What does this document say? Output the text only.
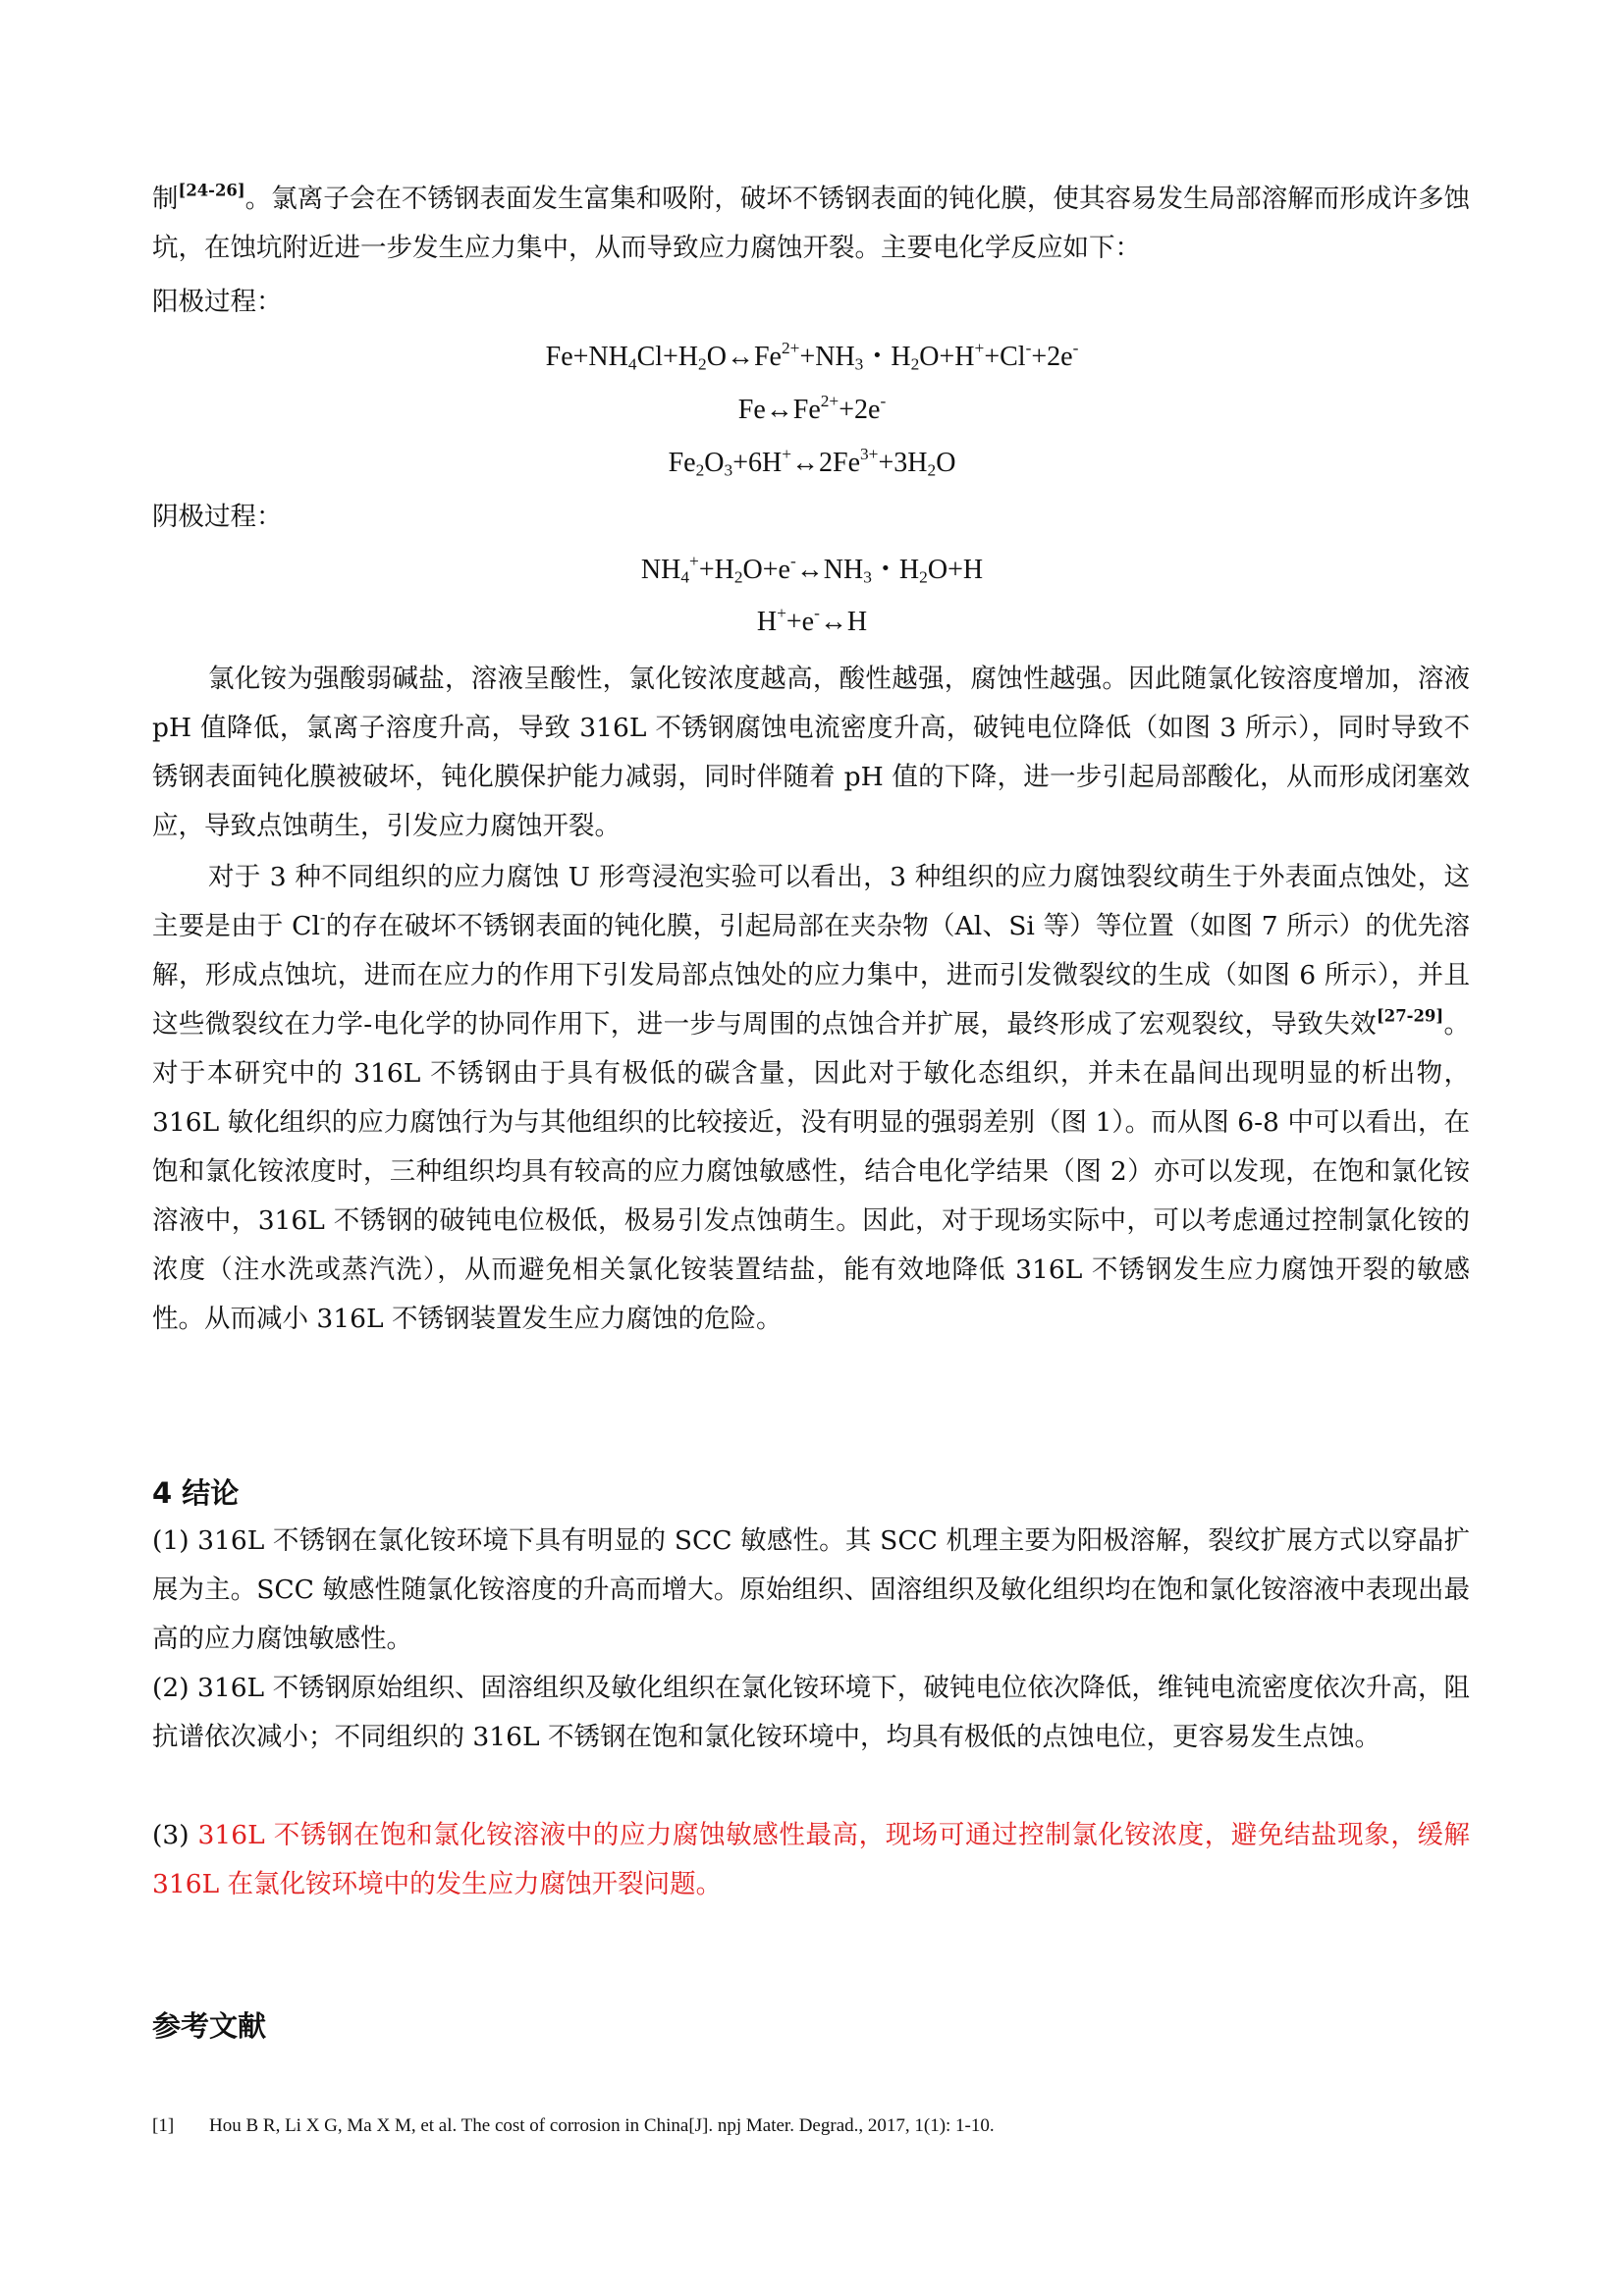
制[24-26]。氯离子会在不锈钢表面发生富集和吸附，破坏不锈钢表面的钝化膜，使其容易发生局部溶解而形成许多蚀坑，在蚀坑附近进一步发生应力集中，从而导致应力腐蚀开裂。主要电化学反应如下：
阳极过程：
$Fe+NH_4Cl+H_2O\leftrightarrow Fe^{2+}+NH_3$・$H_2O+H^++Cl^-+2e^-$
$Fe\leftrightarrow Fe^{2+}+2e^-$
$Fe_2O_3+6H^+\leftrightarrow 2Fe^{3+}+3H_2O$
阴极过程：
$NH_4^++H_2O+e^-\leftrightarrow NH_3$・$H_2O+H$
H++e-↔H
氯化铵为强酸弱碱盐，溶液呈酸性，氯化铵浓度越高，酸性越强，腐蚀性越强。因此随氯化铵溶度增加，溶液 pH 值降低，氯离子溶度升高，导致 316L 不锈钢腐蚀电流密度升高，破钝电位降低（如图 3 所示），同时导致不锈钢表面钝化膜被破坏，钝化膜保护能力减弱，同时伴随着 pH 值的下降，进一步引起局部酸化，从而形成闭塞效应，导致点蚀萌生，引发应力腐蚀开裂。
对于 3 种不同组织的应力腐蚀 U 形弯浸泡实验可以看出，3 种组织的应力腐蚀裂纹萌生于外表面点蚀处，这主要是由于 Cl-的存在破坏不锈钢表面的钝化膜，引起局部在夹杂物（Al、Si 等）等位置（如图 7 所示）的优先溶解，形成点蚀坑，进而在应力的作用下引发局部点蚀处的应力集中，进而引发微裂纹的生成（如图 6 所示），并且这些微裂纹在力学-电化学的协同作用下，进一步与周围的点蚀合并扩展，最终形成了宏观裂纹，导致失效[27-29]。对于本研究中的 316L 不锈钢由于具有极低的碳含量，因此对于敏化态组织，并未在晶间出现明显的析出物，316L 敏化组织的应力腐蚀行为与其他组织的比较接近，没有明显的强弱差别（图 1）。而从图 6-8 中可以看出，在饱和氯化铵浓度时，三种组织均具有较高的应力腐蚀敏感性，结合电化学结果（图 2）亦可以发现，在饱和氯化铵溶液中，316L 不锈钢的破钝电位极低，极易引发点蚀萌生。因此，对于现场实际中，可以考虑通过控制氯化铵的浓度（注水洗或蒸汽洗），从而避免相关氯化铵装置结盐，能有效地降低 316L 不锈钢发生应力腐蚀开裂的敏感性。从而减小 316L 不锈钢装置发生应力腐蚀的危险。
4 结论
(1) 316L 不锈钢在氯化铵环境下具有明显的 SCC 敏感性。其 SCC 机理主要为阳极溶解，裂纹扩展方式以穿晶扩展为主。SCC 敏感性随氯化铵溶度的升高而增大。原始组织、固溶组织及敏化组织均在饱和氯化铵溶液中表现出最高的应力腐蚀敏感性。
(2) 316L 不锈钢原始组织、固溶组织及敏化组织在氯化铵环境下，破钝电位依次降低，维钝电流密度依次升高，阻抗谱依次减小；不同组织的 316L 不锈钢在饱和氯化铵环境中，均具有极低的点蚀电位，更容易发生点蚀。
(3) 316L 不锈钢在饱和氯化铵溶液中的应力腐蚀敏感性最高，现场可通过控制氯化铵浓度，避免结盐现象，缓解 316L 在氯化铵环境中的发生应力腐蚀开裂问题。
参考文献
[1] Hou B R, Li X G, Ma X M, et al. The cost of corrosion in China[J]. npj Mater. Degrad., 2017, 1(1): 1-10.
